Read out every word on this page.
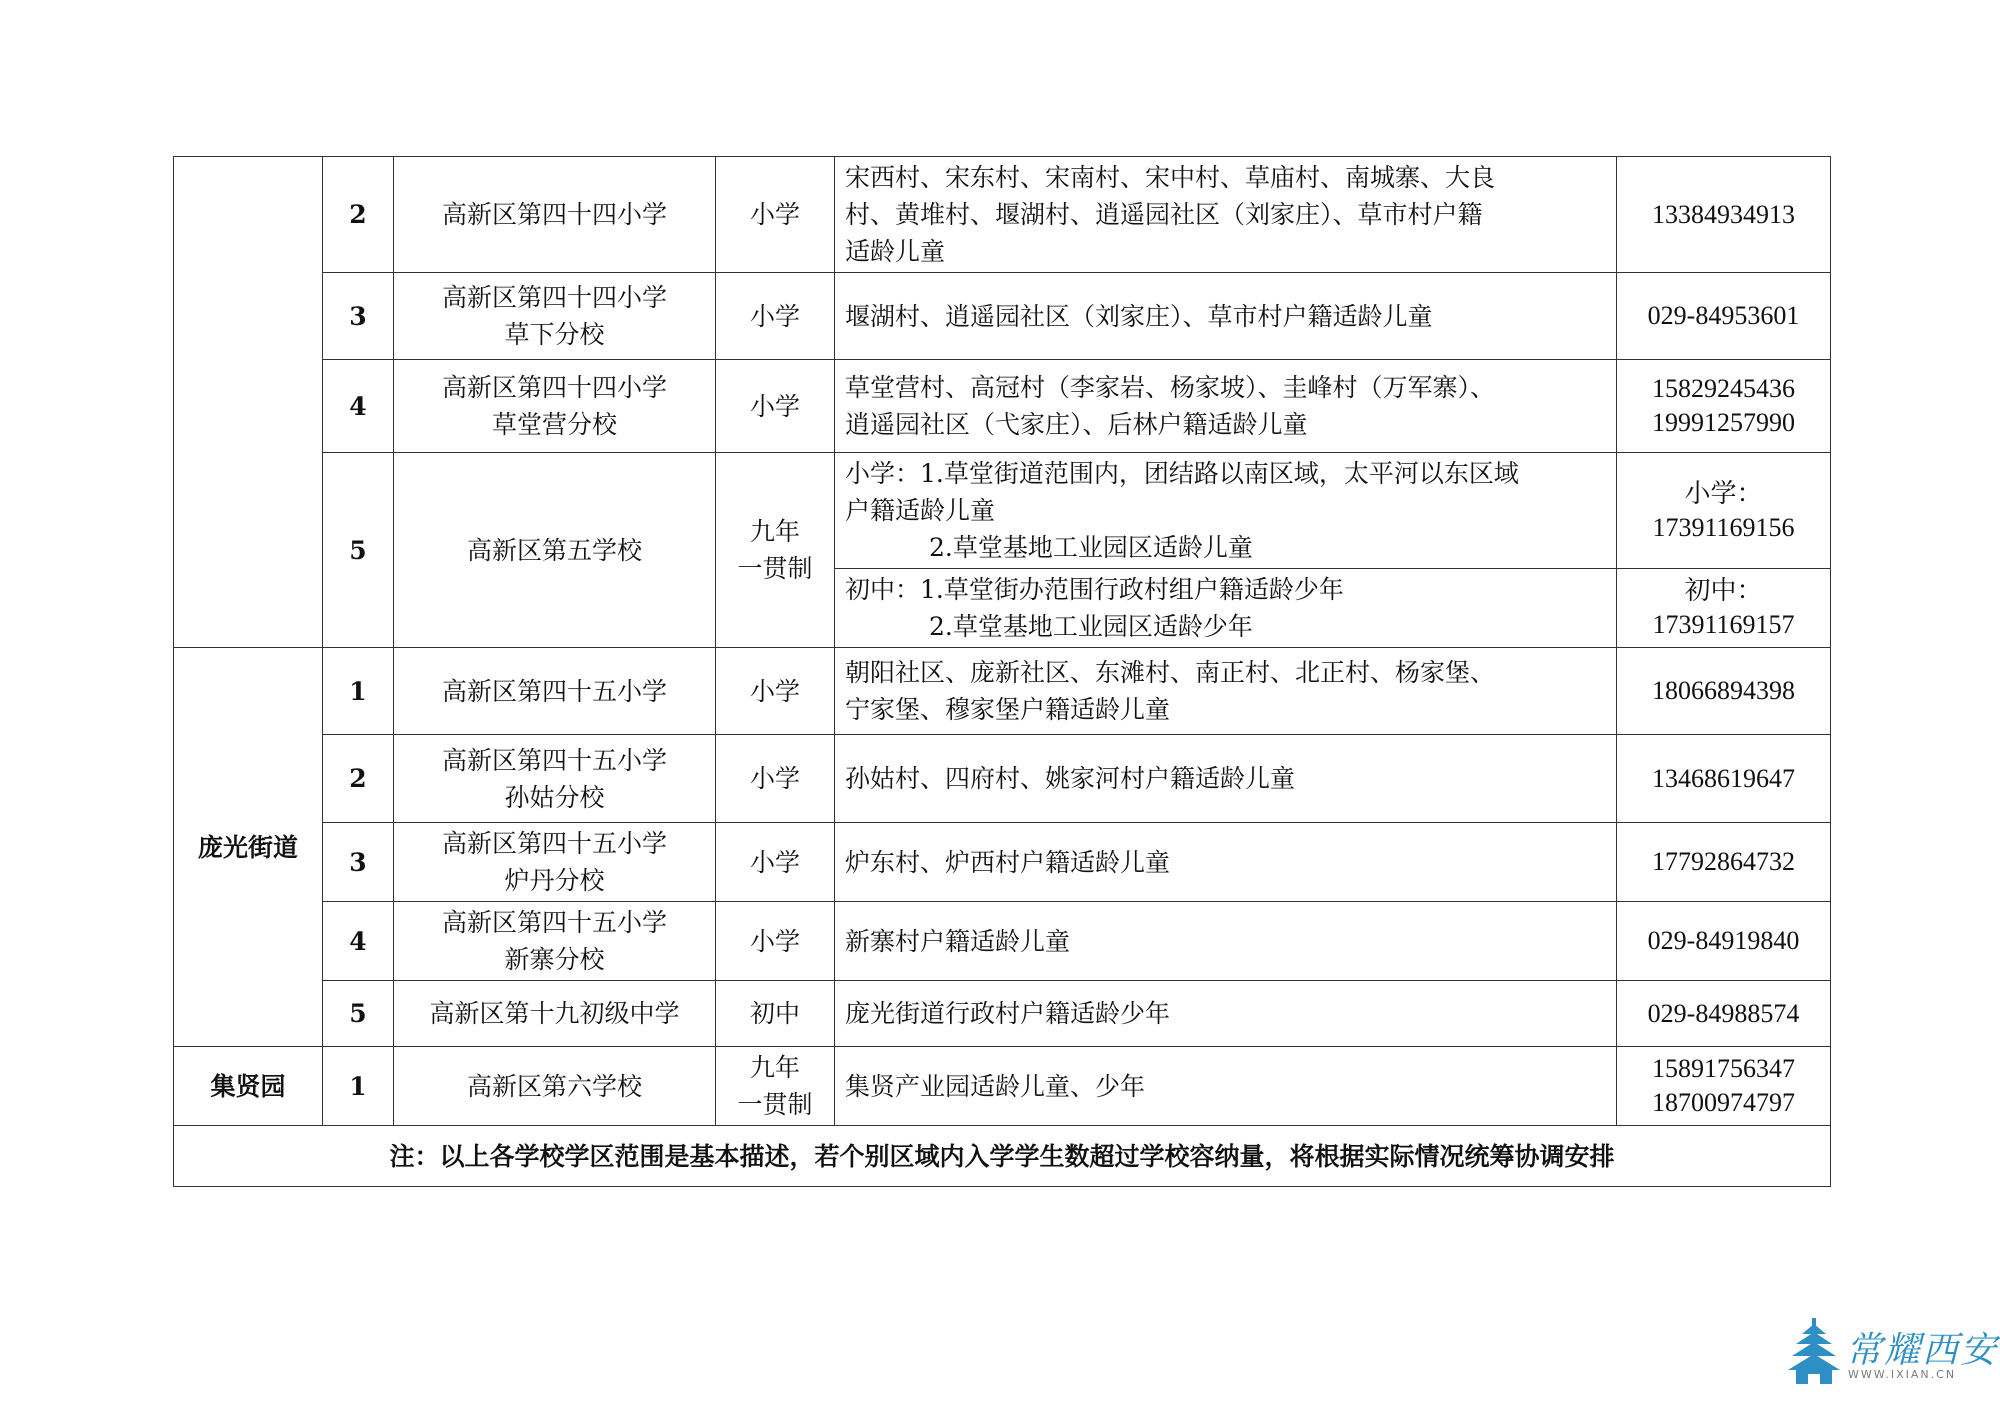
	2	高新区第四十四小学	小学	宋西村、宋东村、宋南村、宋中村、草庙村、南城寨、大良
村、黄堆村、堰湖村、逍遥园社区（刘家庄）、草市村户籍
适龄儿童	13384934913

	3	高新区第四十四小学
草下分校	小学	堰湖村、逍遥园社区（刘家庄）、草市村户籍适龄儿童	029-84953601

	4	高新区第四十四小学
草堂营分校	小学	草堂营村、高冠村（李家岩、杨家坡）、圭峰村（万军寨）、
逍遥园社区（弋家庄）、后林户籍适龄儿童	15829245436
19991257990

	5	高新区第五学校	九年
一贯制	小学：1.草堂街道范围内，团结路以南区域，太平河以东区域
户籍适龄儿童
2.草堂基地工业园区适龄儿童	小学：
17391169156

				初中：1.草堂街办范围行政村组户籍适龄少年
2.草堂基地工业园区适龄少年	初中：
17391169157

庞光街道	1	高新区第四十五小学	小学	朝阳社区、庞新社区、东滩村、南正村、北正村、杨家堡、
宁家堡、穆家堡户籍适龄儿童	18066894398

	2	高新区第四十五小学
孙姑分校	小学	孙姑村、四府村、姚家河村户籍适龄儿童	13468619647

	3	高新区第四十五小学
炉丹分校	小学	炉东村、炉西村户籍适龄儿童	17792864732

	4	高新区第四十五小学
新寨分校	小学	新寨村户籍适龄儿童	029-84919840

	5	高新区第十九初级中学	初中	庞光街道行政村户籍适龄少年	029-84988574

集贤园	1	高新区第六学校	九年
一贯制	集贤产业园适龄儿童、少年	15891756347
18700974797

注：以上各学校学区范围是基本描述，若个别区域内入学学生数超过学校容纳量，将根据实际情况统筹协调安排					
常耀西安
WWW.IXIAN.CN
